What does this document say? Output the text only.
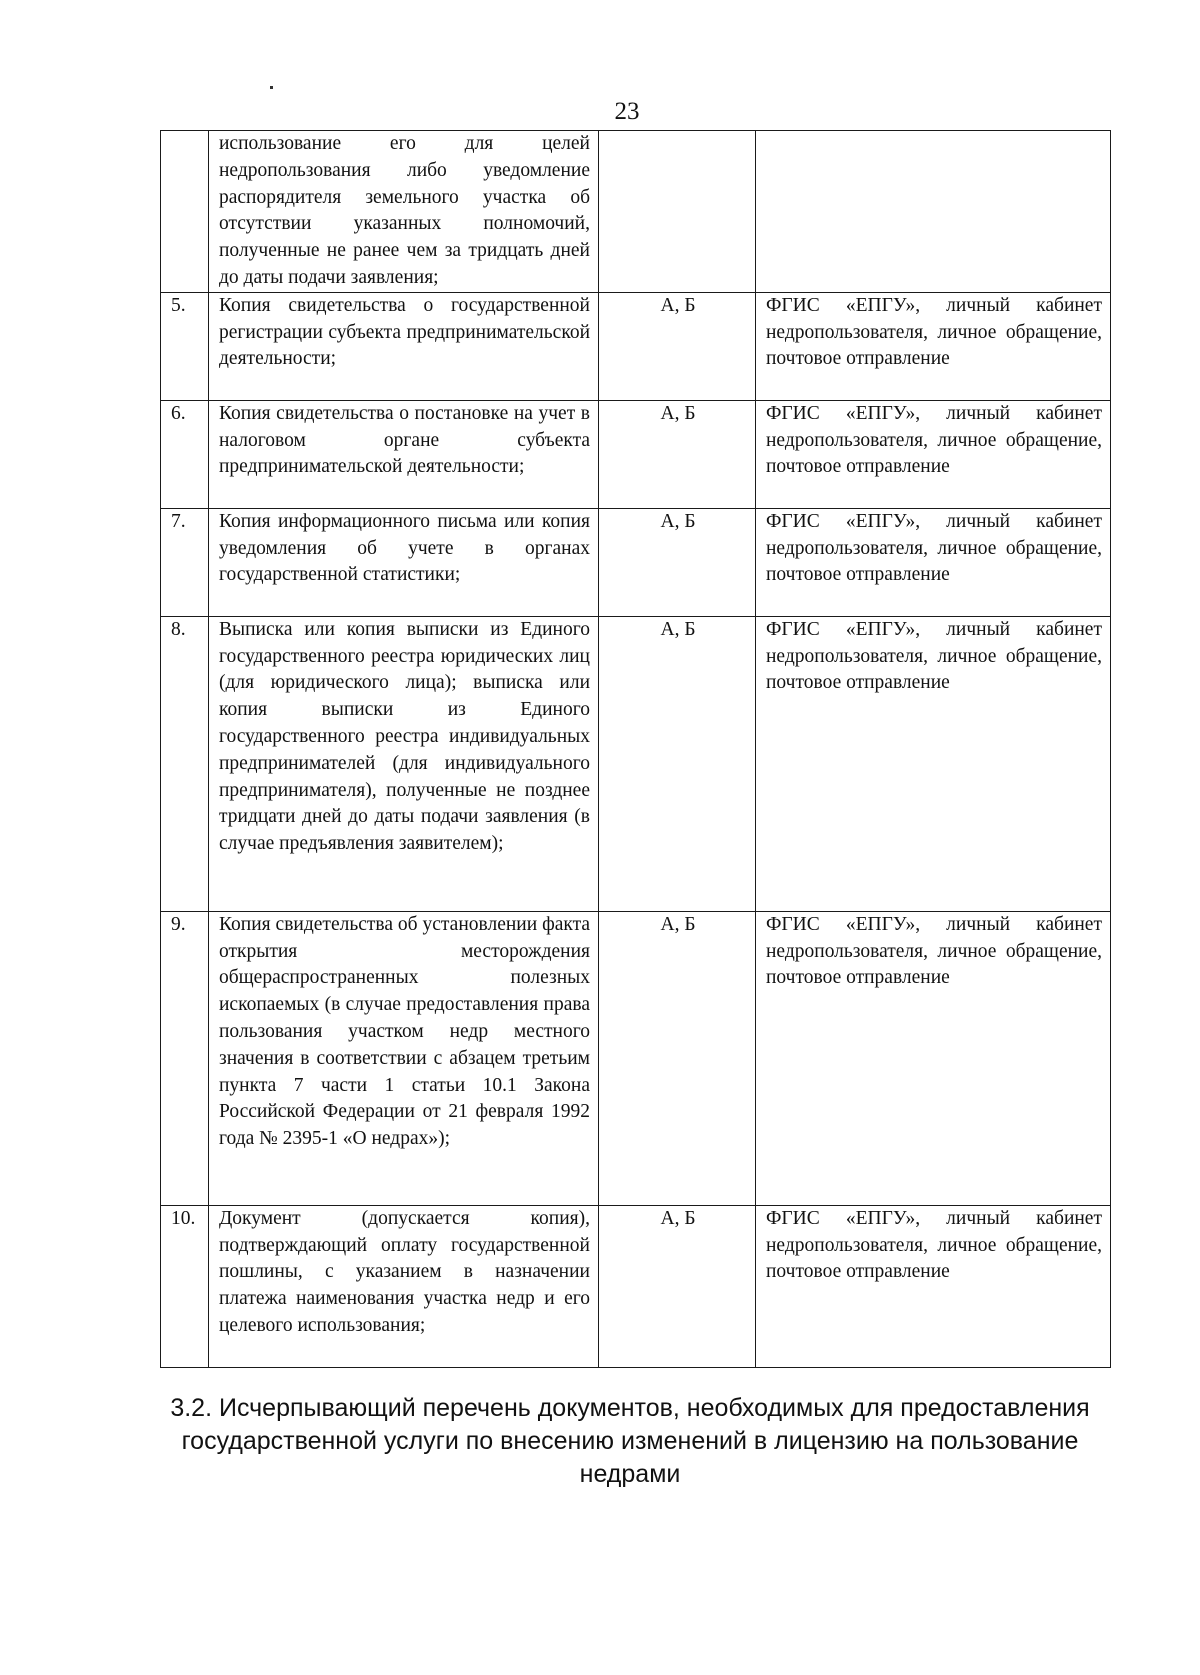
23
	использование его для целей недропользования либо уведомление распорядителя земельного участка об отсутствии указанных полномочий, полученные не ранее чем за тридцать дней до даты подачи заявления;		
5.	Копия свидетельства о государственной регистрации субъекта предпринимательской деятельности;	А, Б	ФГИС «ЕПГУ», личный кабинет недропользователя, личное обращение, почтовое отправление
6.	Копия свидетельства о постановке на учет в налоговом органе субъекта предпринимательской деятельности;	А, Б	ФГИС «ЕПГУ», личный кабинет недропользователя, личное обращение, почтовое отправление
7.	Копия информационного письма или копия уведомления об учете в органах государственной статистики;	А, Б	ФГИС «ЕПГУ», личный кабинет недропользователя, личное обращение, почтовое отправление
8.	Выписка или копия выписки из Единого государственного реестра юридических лиц (для юридического лица); выписка или копия выписки из Единого государственного реестра индивидуальных предпринимателей (для индивидуального предпринимателя), полученные не позднее тридцати дней до даты подачи заявления (в случае предъявления заявителем);	А, Б	ФГИС «ЕПГУ», личный кабинет недропользователя, личное обращение, почтовое отправление
9.	Копия свидетельства об установлении факта открытия месторождения общераспространенных полезных ископаемых (в случае предоставления права пользования участком недр местного значения в соответствии с абзацем третьим пункта 7 части 1 статьи 10.1 Закона Российской Федерации от 21 февраля 1992 года № 2395-1 «О недрах»);	А, Б	ФГИС «ЕПГУ», личный кабинет недропользователя, личное обращение, почтовое отправление
10.	Документ (допускается копия), подтверждающий оплату государственной пошлины, с указанием в назначении платежа наименования участка недр и его целевого использования;	А, Б	ФГИС «ЕПГУ», личный кабинет недропользователя, личное обращение, почтовое отправление
3.2. Исчерпывающий перечень документов, необходимых для предоставления государственной услуги по внесению изменений в лицензию на пользование недрами
